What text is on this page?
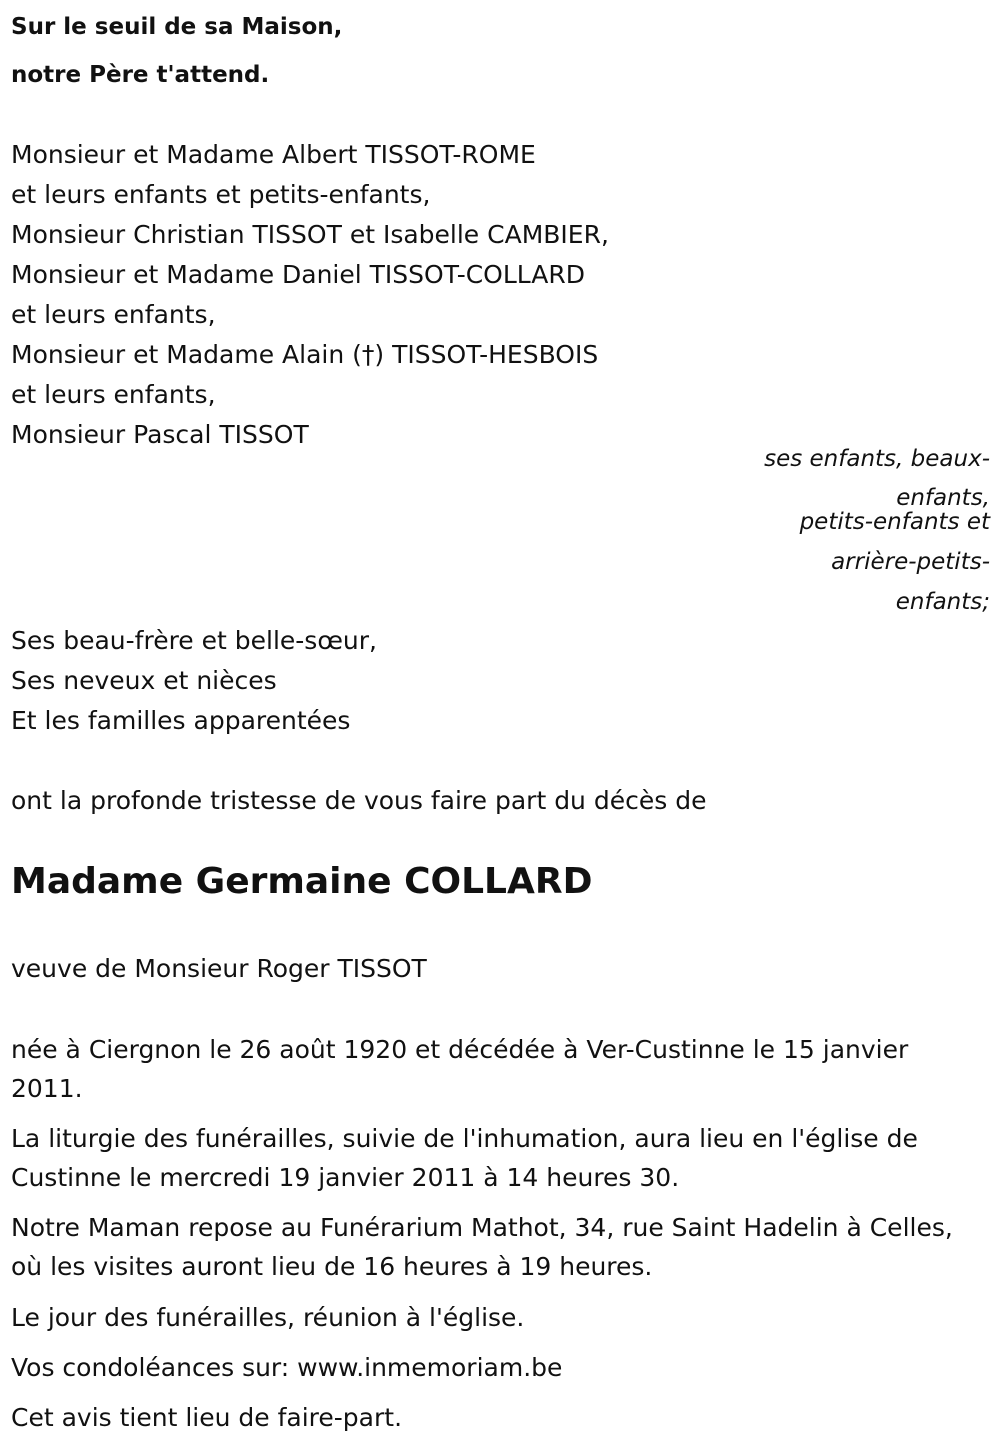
Sur le seuil de sa Maison,
notre Père t'attend.
Monsieur et Madame Albert TISSOT-ROME
et leurs enfants et petits-enfants,
Monsieur Christian TISSOT et Isabelle CAMBIER,
Monsieur et Madame Daniel TISSOT-COLLARD
et leurs enfants,
Monsieur et Madame Alain (†) TISSOT-HESBOIS
et leurs enfants,
Monsieur Pascal TISSOT
ses enfants, beaux-
enfants,
petits-enfants et
arrière-petits-
enfants;
Ses beau-frère et belle-sœur,
Ses neveux et nièces
Et les familles apparentées
ont la profonde tristesse de vous faire part du décès de
Madame Germaine COLLARD
veuve de Monsieur Roger TISSOT
née à Ciergnon le 26 août 1920 et décédée à Ver-Custinne le 15 janvier 2011.
La liturgie des funérailles, suivie de l'inhumation, aura lieu en l'église de Custinne le mercredi 19 janvier 2011 à 14 heures 30.
Notre Maman repose au Funérarium Mathot, 34, rue Saint Hadelin à Celles, où les visites auront lieu de 16 heures à 19 heures.
Le jour des funérailles, réunion à l'église.
Vos condoléances sur: www.inmemoriam.be
Cet avis tient lieu de faire-part.
